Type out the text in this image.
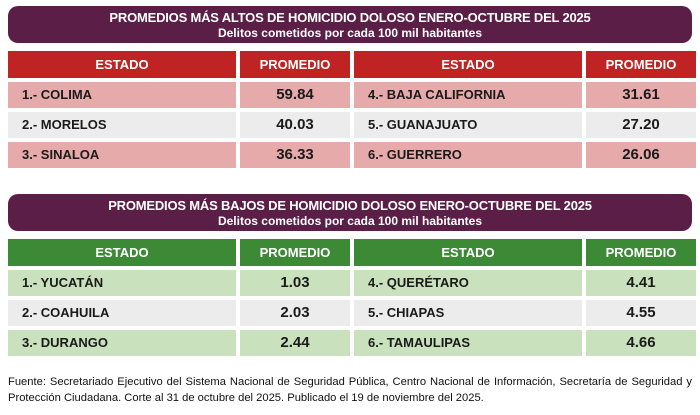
PROMEDIOS MÁS ALTOS DE HOMICIDIO DOLOSO ENERO-OCTUBRE DEL 2025
Delitos cometidos por cada 100 mil habitantes
ESTADO	PROMEDIO	ESTADO	PROMEDIO
1.- COLIMA	59.84	4.- BAJA CALIFORNIA	31.61
2.- MORELOS	40.03	5.- GUANAJUATO	27.20
3.- SINALOA	36.33	6.- GUERRERO	26.06
PROMEDIOS MÁS BAJOS DE HOMICIDIO DOLOSO ENERO-OCTUBRE DEL 2025
Delitos cometidos por cada 100 mil habitantes
ESTADO	PROMEDIO	ESTADO	PROMEDIO
1.- YUCATÁN	1.03	4.- QUERÉTARO	4.41
2.- COAHUILA	2.03	5.- CHIAPAS	4.55
3.- DURANGO	2.44	6.- TAMAULIPAS	4.66
Fuente: Secretariado Ejecutivo del Sistema Nacional de Seguridad Pública, Centro Nacional de Información, Secretaría de Seguridad y Protección Ciudadana. Corte al 31 de octubre del 2025. Publicado el 19 de noviembre del 2025.
